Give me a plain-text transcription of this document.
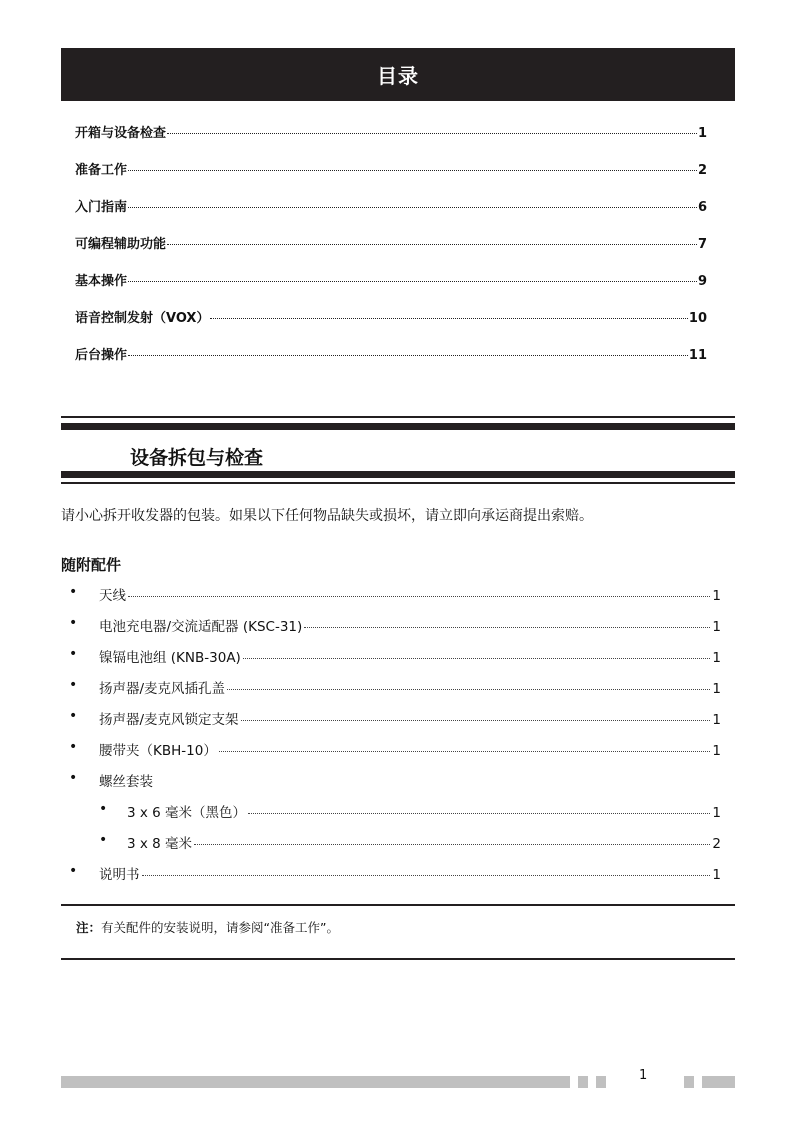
目录
开箱与设备检查	1
准备工作	2
入门指南	6
可编程辅助功能	7
基本操作	9
语音控制发射（VOX）	10
后台操作	11
设备拆包与检查
请小心拆开收发器的包装。如果以下任何物品缺失或损坏，请立即向承运商提出索赔。
随附配件
• 天线	1
• 电池充电器/交流适配器 (KSC-31)	1
• 镍镉电池组 (KNB-30A)	1
• 扬声器/麦克风插孔盖	1
• 扬声器/麦克风锁定支架	1
• 腰带夹（KBH-10）	1
• 螺丝套装
• 3 x 6 毫米（黑色）	1
• 3 x 8 毫米	2
• 说明书	1
注：有关配件的安装说明，请参阅“准备工作”。
1
